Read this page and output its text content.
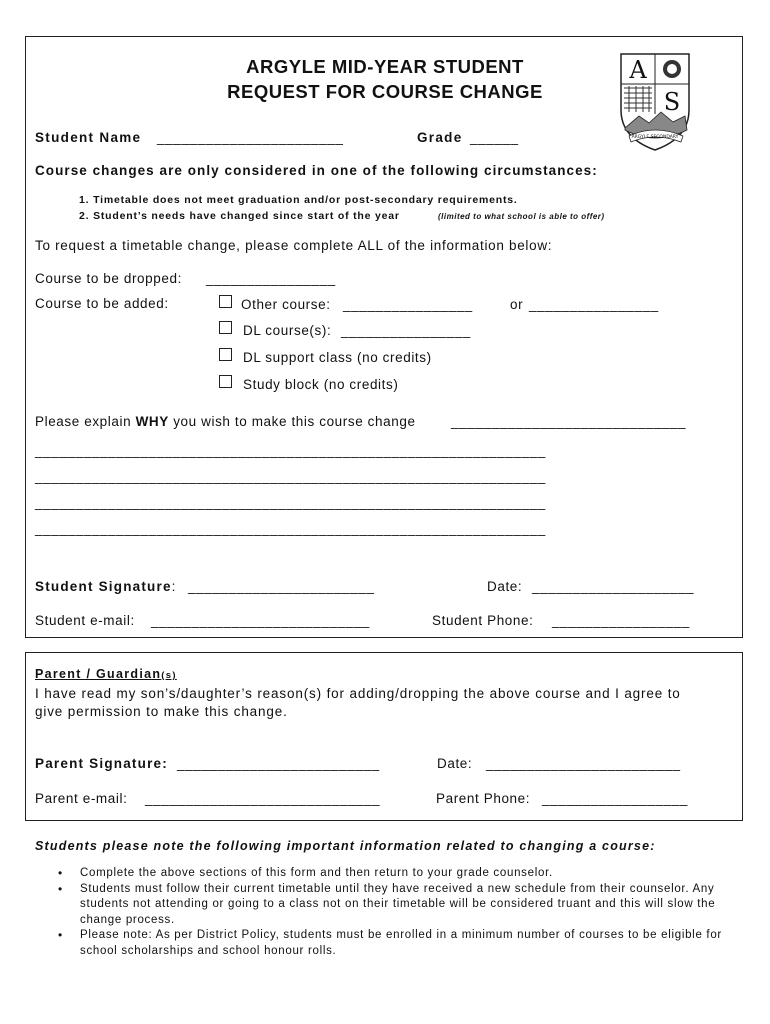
ARGYLE MID-YEAR STUDENT
REQUEST FOR COURSE CHANGE
A
S
ARGYLE SECONDARY
Student Name _______________________	Grade ______
Course changes are only considered in one of the following circumstances:
1. Timetable does not meet graduation and/or post-secondary requirements.
2. Student’s needs have changed since start of the year	(limited to what school is able to offer)
To request a timetable change, please complete ALL of the information below:
Course to be dropped: ________________
Course to be added:	Other course: ________________	or ________________
DL course(s): ________________
DL support class (no credits)
Study block (no credits)
Please explain WHY you wish to make this course change	_____________________________
_______________________________________________________________
_______________________________________________________________
_______________________________________________________________
_______________________________________________________________
Student Signature: _______________________	Date: ____________________
Student e-mail: ___________________________	Student Phone: _________________
Parent / Guardian(s)
I have read my son’s/daughter’s reason(s) for adding/dropping the above course and I agree to
give permission to make this change.
Parent Signature: _________________________	Date: ________________________
Parent e-mail: _____________________________	Parent Phone: __________________
Students please note the following important information related to changing a course:
• Complete the above sections of this form and then return to your grade counselor.
• Students must follow their current timetable until they have received a new schedule from their counselor. Any students not attending or going to a class not on their timetable will be considered truant and this will slow the change process.
• Please note: As per District Policy, students must be enrolled in a minimum number of courses to be eligible for school scholarships and school honour rolls.
